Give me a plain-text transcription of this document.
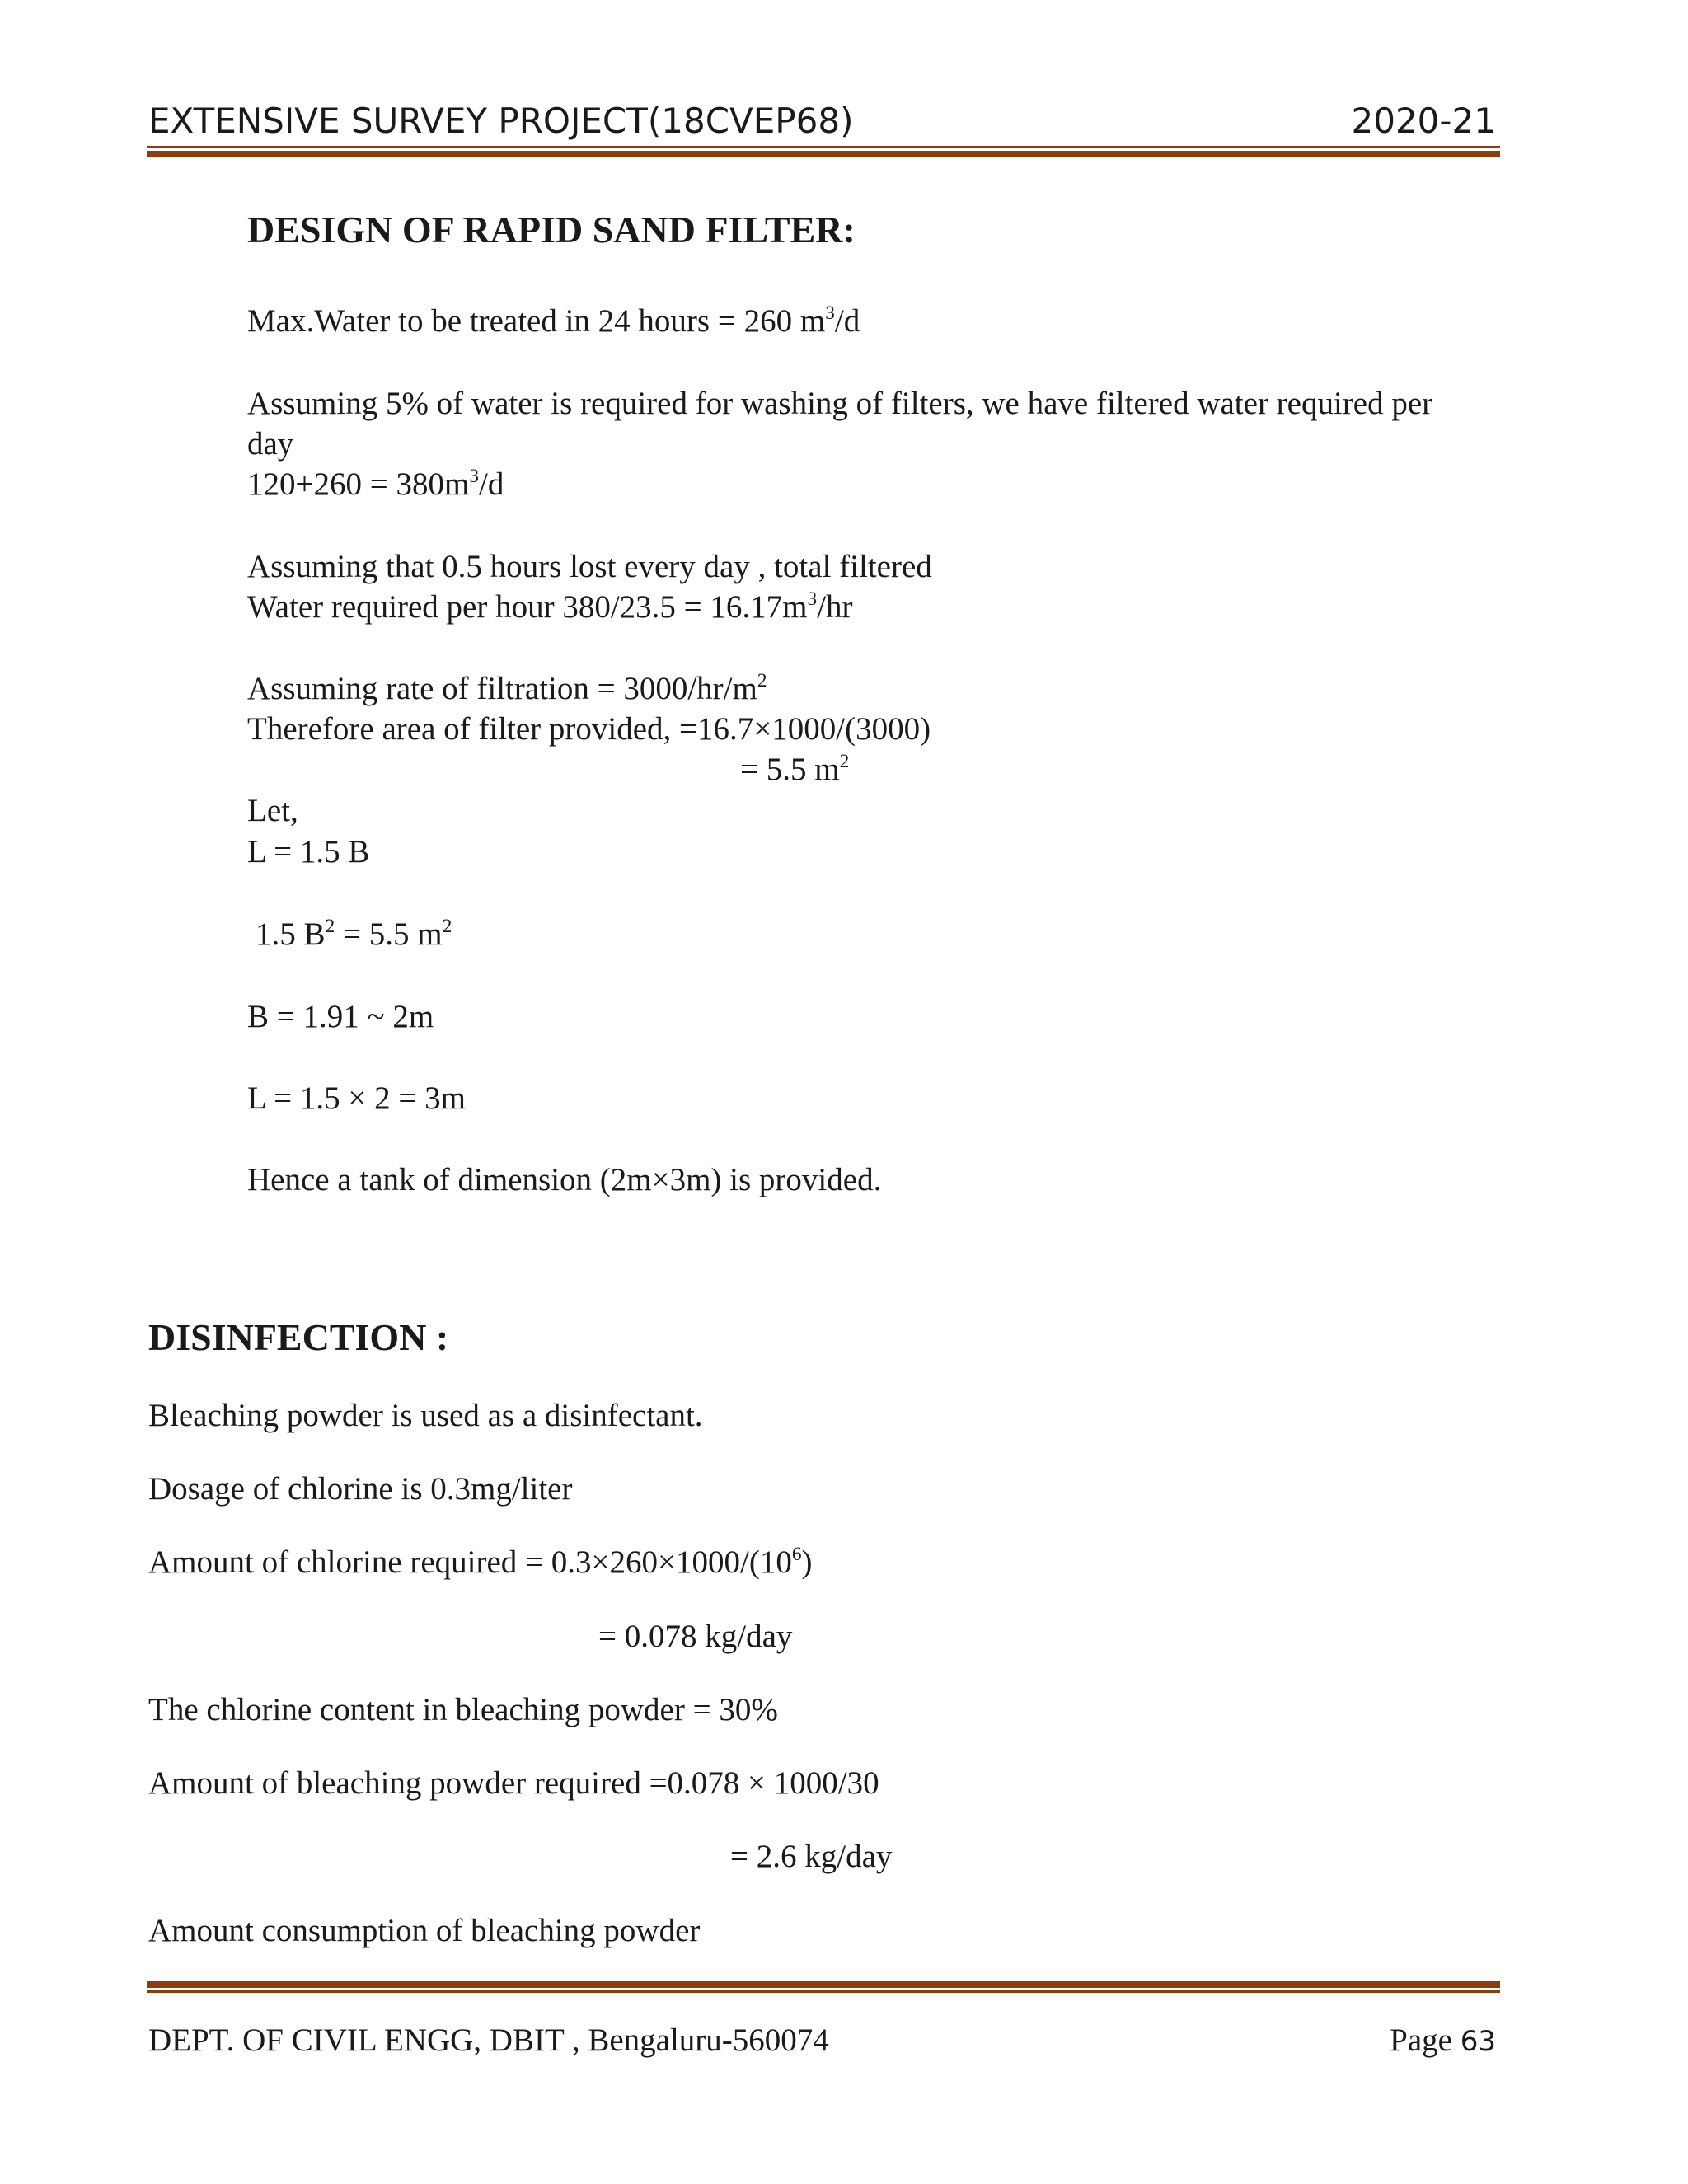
EXTENSIVE SURVEY PROJECT(18CVEP68)	2020-21
DESIGN OF RAPID SAND FILTER:
Max.Water to be treated in 24 hours = 260 $m^3/d$
Assuming 5% of water is required for washing of filters, we have filtered water required per
day
$120+260 = 380m^3/d$
Assuming that 0.5 hours lost every day , total filtered
Water required per hour $380/23.5 = 16.17m^3/hr$
Assuming rate of filtration = $3000/hr/m^2$
Therefore area of filter provided, =16.7×1000/(3000)
= 5.5 $m^2$
Let,
L = 1.5 B
1.5 $B^2 = 5.5$ $m^2$
B = 1.91 ~ 2m
L = 1.5 × 2 = 3m
Hence a tank of dimension (2m×3m) is provided.
DISINFECTION :
Bleaching powder is used as a disinfectant.
Dosage of chlorine is 0.3mg/liter
Amount of chlorine required = $0.3\times 260\times 1000/(10^6)$
= 0.078 kg/day
The chlorine content in bleaching powder = 30%
Amount of bleaching powder required =0.078 × 1000/30
= 2.6 kg/day
Amount consumption of bleaching powder
DEPT. OF CIVIL ENGG, DBIT , Bengaluru-560074	Page 63
